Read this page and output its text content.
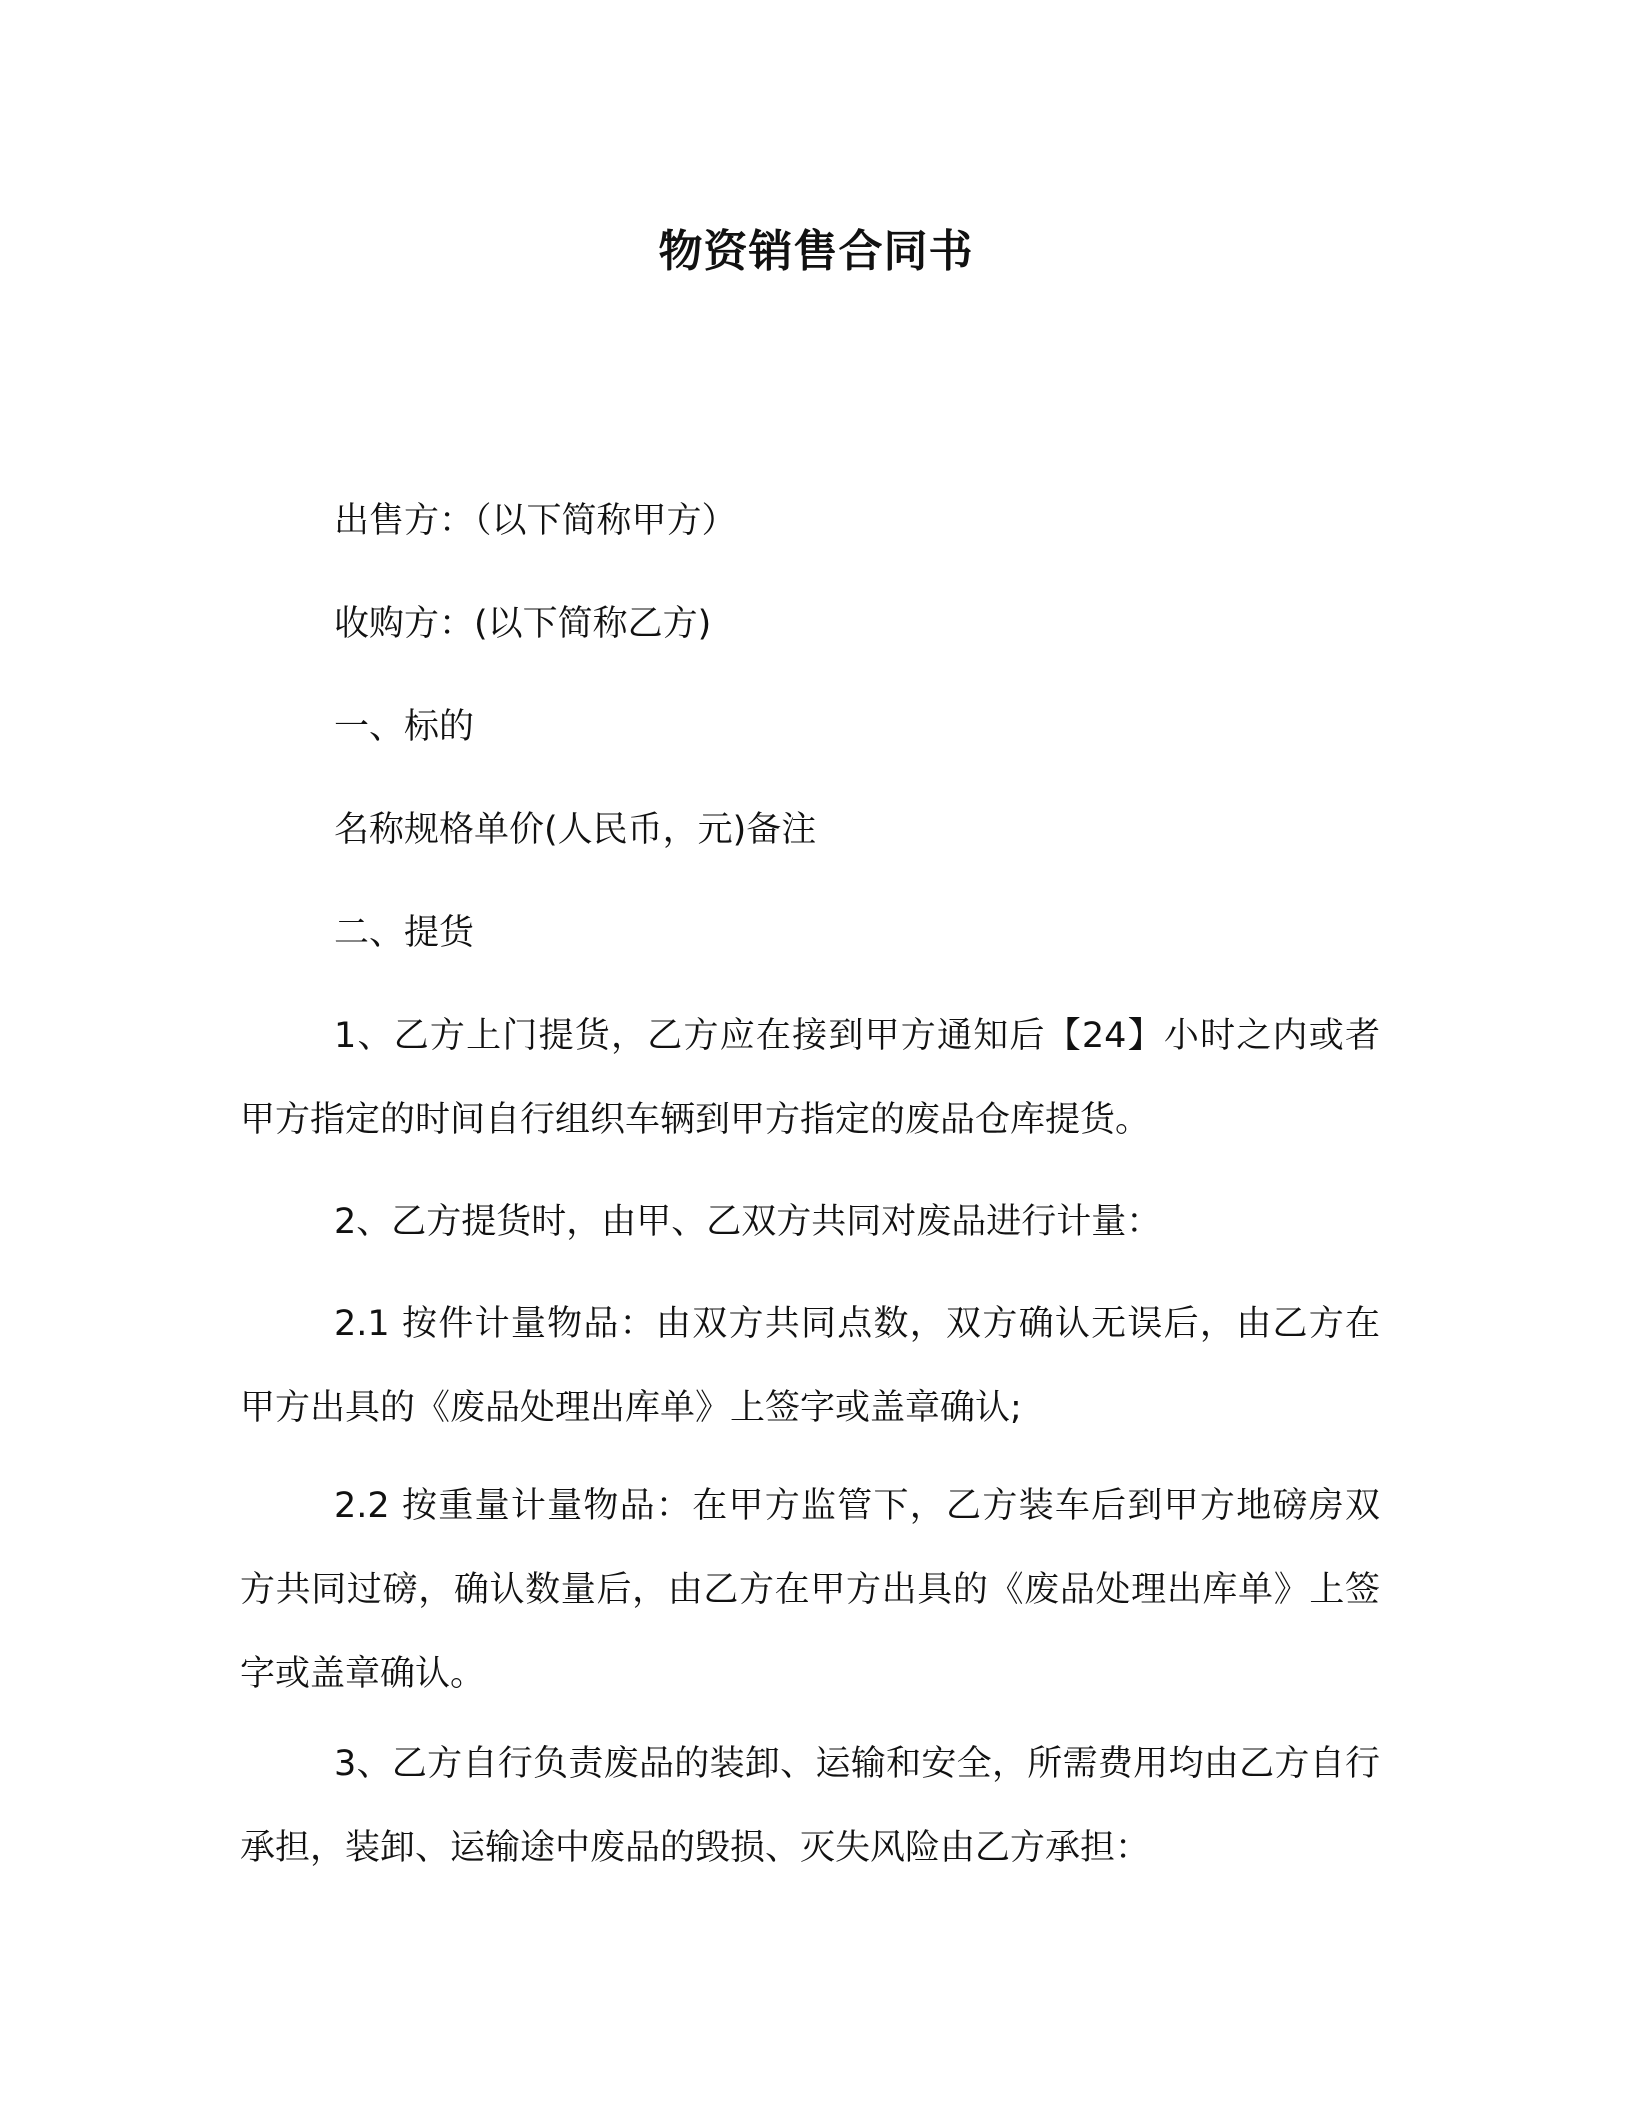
物资销售合同书
出售方：（以下简称甲方）
收购方：(以下简称乙方)
一、标的
名称规格单价(人民币，元)备注
二、提货
1、乙方上门提货，乙方应在接到甲方通知后【24】小时之内或者甲方指定的时间自行组织车辆到甲方指定的废品仓库提货。
2、乙方提货时，由甲、乙双方共同对废品进行计量：
2.1 按件计量物品：由双方共同点数，双方确认无误后，由乙方在甲方出具的《废品处理出库单》上签字或盖章确认;
2.2 按重量计量物品：在甲方监管下，乙方装车后到甲方地磅房双方共同过磅，确认数量后，由乙方在甲方出具的《废品处理出库单》上签字或盖章确认。
3、乙方自行负责废品的装卸、运输和安全，所需费用均由乙方自行承担，装卸、运输途中废品的毁损、灭失风险由乙方承担：
